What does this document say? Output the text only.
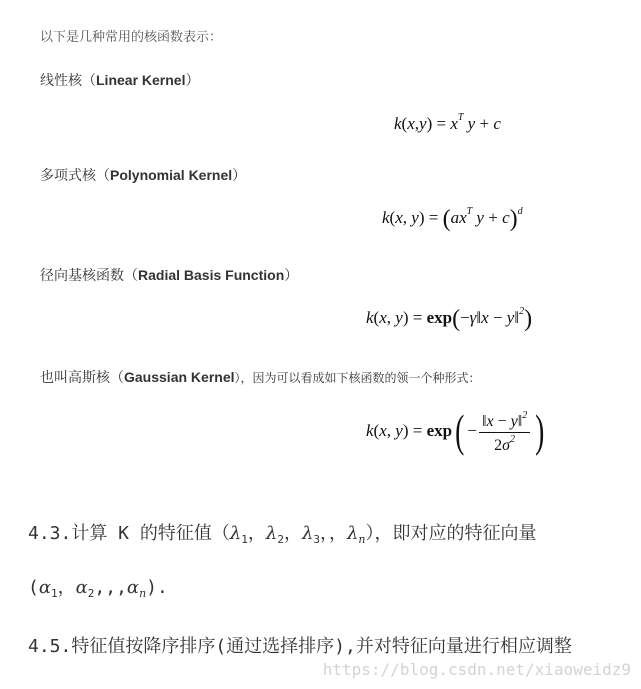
以下是几种常用的核函数表示：
线性核（Linear Kernel）
$k(x,y) = x^T$ y + c
多项式核（Polynomial Kernel）
k(x, $y) = (ax^T$ y + c)$^d$
径向基核函数（Radial Basis Function）
k(x, y) = exp(−γ‖x − y‖$^2$)
也叫高斯核（Gaussian Kernel），因为可以看成如下核函数的领一个种形式：
k(x, $y) = \exp( - \frac{‖x - y‖^2}{2\sigma^2}$ )
4.3.计算 K 的特征值（$\lambda_1$，$\lambda_2$，$\lambda_3$，，$\lambda_n$），即对应的特征向量
($\alpha_1$，$\alpha_2,,,\alpha_n$).
4.5.特征值按降序排序(通过选择排序),并对特征向量进行相应调整
https://blog.csdn.net/xiaoweidz9
